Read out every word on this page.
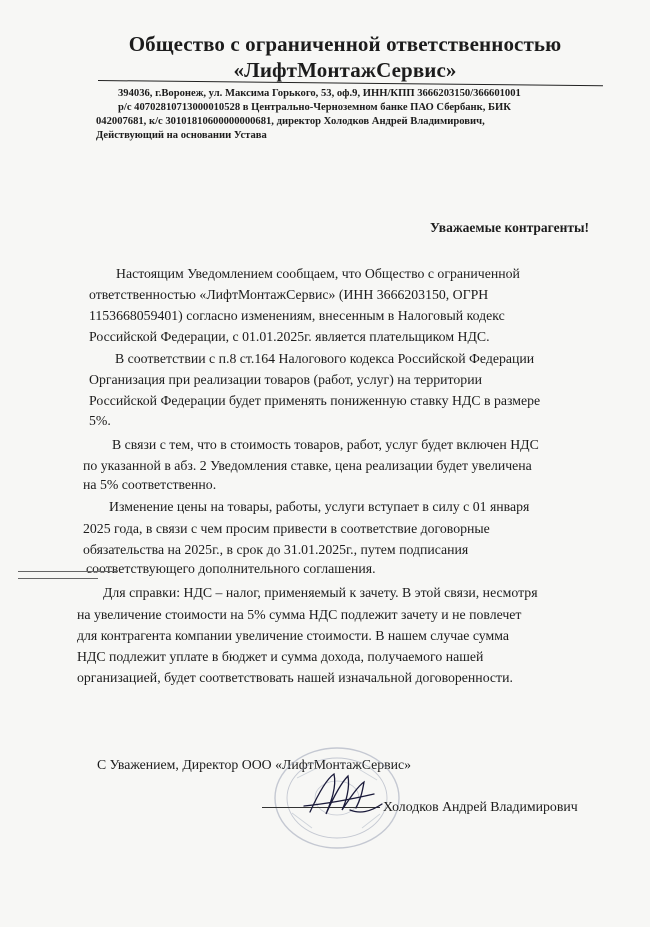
Общество с ограниченной ответственностью
«ЛифтМонтажСервис»
394036, г.Воронеж, ул. Максима Горького, 53, оф.9, ИНН/КПП 3666203150/366601001
р/с 40702810713000010528 в Центрально-Черноземном банке ПАО Сбербанк, БИК
042007681, к/с 30101810600000000681, директор Холодков Андрей Владимирович,
Действующий на основании Устава
Уважаемые контрагенты!
Настоящим Уведомлением сообщаем, что Общество с ограниченной
ответственностью «ЛифтМонтажСервис» (ИНН 3666203150, ОГРН
1153668059401) согласно изменениям, внесенным в Налоговый кодекс
Российской Федерации, с 01.01.2025г. является плательщиком НДС.
В соответствии с п.8 ст.164 Налогового кодекса Российской Федерации
Организация при реализации товаров (работ, услуг) на территории
Российской Федерации будет применять пониженную ставку НДС в размере
5%.
В связи с тем, что в стоимость товаров, работ, услуг будет включен НДС
по указанной в абз. 2 Уведомления ставке, цена реализации будет увеличена
на 5% соответственно.
Изменение цены на товары, работы, услуги вступает в силу с 01 января
2025 года, в связи с чем просим привести в соответствие договорные
обязательства на 2025г., в срок до 31.01.2025г., путем подписания
соответствующего дополнительного соглашения.
Для справки: НДС – налог, применяемый к зачету. В этой связи, несмотря
на увеличение стоимости на 5% сумма НДС подлежит зачету и не повлечет
для контрагента компании увеличение стоимости. В нашем случае сумма
НДС подлежит уплате в бюджет и сумма дохода, получаемого нашей
организацией, будет соответствовать нашей изначальной договоренности.
С Уважением, Директор ООО «ЛифтМонтажСервис»
Холодков Андрей Владимирович
